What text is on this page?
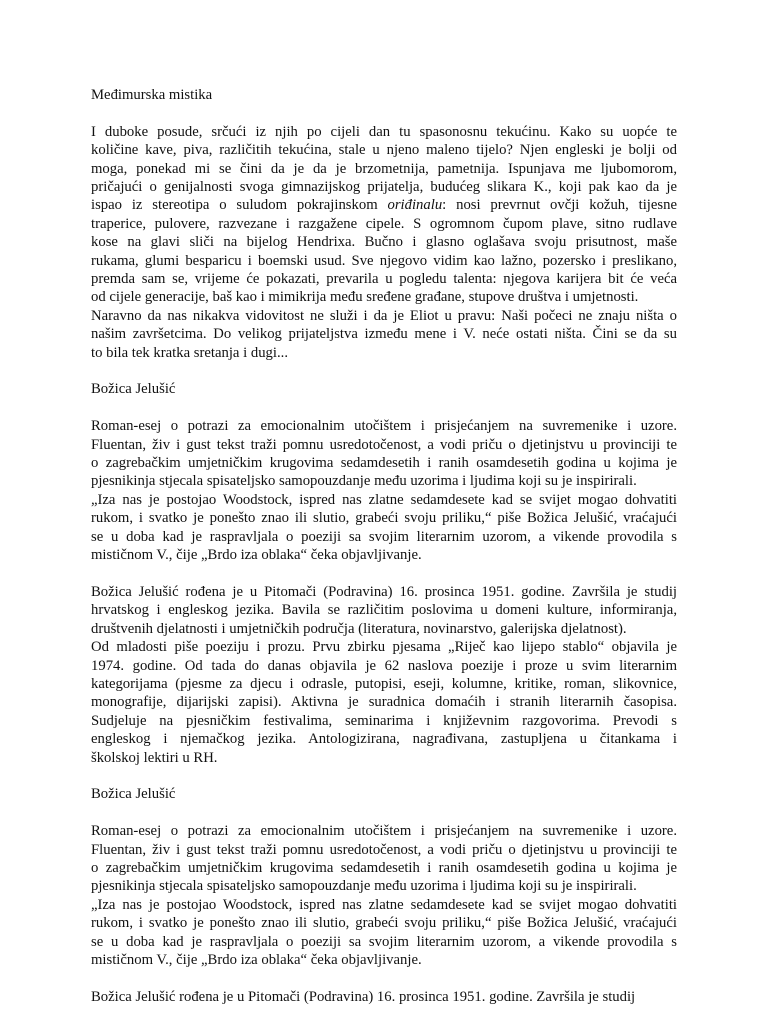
Međimurska mistika
I duboke posude, srčući iz njih po cijeli dan tu spasonosnu tekućinu. Kako su uopće te
količine kave, piva, različitih tekućina, stale u njeno maleno tijelo? Njen engleski je bolji od
moga, ponekad mi se čini da je da je brzometnija, pametnija. Ispunjava me ljubomorom,
pričajući o genijalnosti svoga gimnazijskog prijatelja, budućeg slikara K., koji pak kao da je
ispao iz stereotipa o suludom pokrajinskom oriđinalu: nosi prevrnut ovčji kožuh, tijesne
traperice, pulovere, razvezane i razgažene cipele. S ogromnom čupom plave, sitno rudlave
kose na glavi sliči na bijelog Hendrixa. Bučno i glasno oglašava svoju prisutnost, maše
rukama, glumi besparicu i boemski usud. Sve njegovo vidim kao lažno, pozersko i preslikano,
premda sam se, vrijeme će pokazati, prevarila u pogledu talenta: njegova karijera bit će veća
od cijele generacije, baš kao i mimikrija među sređene građane, stupove društva i umjetnosti.
Naravno da nas nikakva vidovitost ne služi i da je Eliot u pravu: Naši počeci ne znaju ništa o
našim završetcima. Do velikog prijateljstva između mene i V. neće ostati ništa. Čini se da su
to bila tek kratka sretanja i dugi...
Božica Jelušić
Roman-esej o potrazi za emocionalnim utočištem i prisjećanjem na suvremenike i uzore.
Fluentan, živ i gust tekst traži pomnu usredotočenost, a vodi priču o djetinjstvu u provinciji te
o zagrebačkim umjetničkim krugovima sedamdesetih i ranih osamdesetih godina u kojima je
pjesnikinja stjecala spisateljsko samopouzdanje među uzorima i ljudima koji su je inspirirali.
„Iza nas je postojao Woodstock, ispred nas zlatne sedamdesete kad se svijet mogao dohvatiti
rukom, i svatko je ponešto znao ili slutio, grabeći svoju priliku,“ piše Božica Jelušić, vraćajući
se u doba kad je raspravljala o poeziji sa svojim literarnim uzorom, a vikende provodila s
mističnom V., čije „Brdo iza oblaka“ čeka objavljivanje.
Božica Jelušić rođena je u Pitomači (Podravina) 16. prosinca 1951. godine. Završila je studij
hrvatskog i engleskog jezika. Bavila se različitim poslovima u domeni kulture, informiranja,
društvenih djelatnosti i umjetničkih područja (literatura, novinarstvo, galerijska djelatnost).
Od mladosti piše poeziju i prozu. Prvu zbirku pjesama „Riječ kao lijepo stablo“ objavila je
1974. godine. Od tada do danas objavila je 62 naslova poezije i proze u svim literarnim
kategorijama (pjesme za djecu i odrasle, putopisi, eseji, kolumne, kritike, roman, slikovnice,
monografije, dijarijski zapisi). Aktivna je suradnica domaćih i stranih literarnih časopisa.
Sudjeluje na pjesničkim festivalima, seminarima i književnim razgovorima. Prevodi s
engleskog i njemačkog jezika. Antologizirana, nagrađivana, zastupljena u čitankama i
školskoj lektiri u RH.
Božica Jelušić
Roman-esej o potrazi za emocionalnim utočištem i prisjećanjem na suvremenike i uzore.
Fluentan, živ i gust tekst traži pomnu usredotočenost, a vodi priču o djetinjstvu u provinciji te
o zagrebačkim umjetničkim krugovima sedamdesetih i ranih osamdesetih godina u kojima je
pjesnikinja stjecala spisateljsko samopouzdanje među uzorima i ljudima koji su je inspirirali.
„Iza nas je postojao Woodstock, ispred nas zlatne sedamdesete kad se svijet mogao dohvatiti
rukom, i svatko je ponešto znao ili slutio, grabeći svoju priliku,“ piše Božica Jelušić, vraćajući
se u doba kad je raspravljala o poeziji sa svojim literarnim uzorom, a vikende provodila s
mističnom V., čije „Brdo iza oblaka“ čeka objavljivanje.
Božica Jelušić rođena je u Pitomači (Podravina) 16. prosinca 1951. godine. Završila je studij
